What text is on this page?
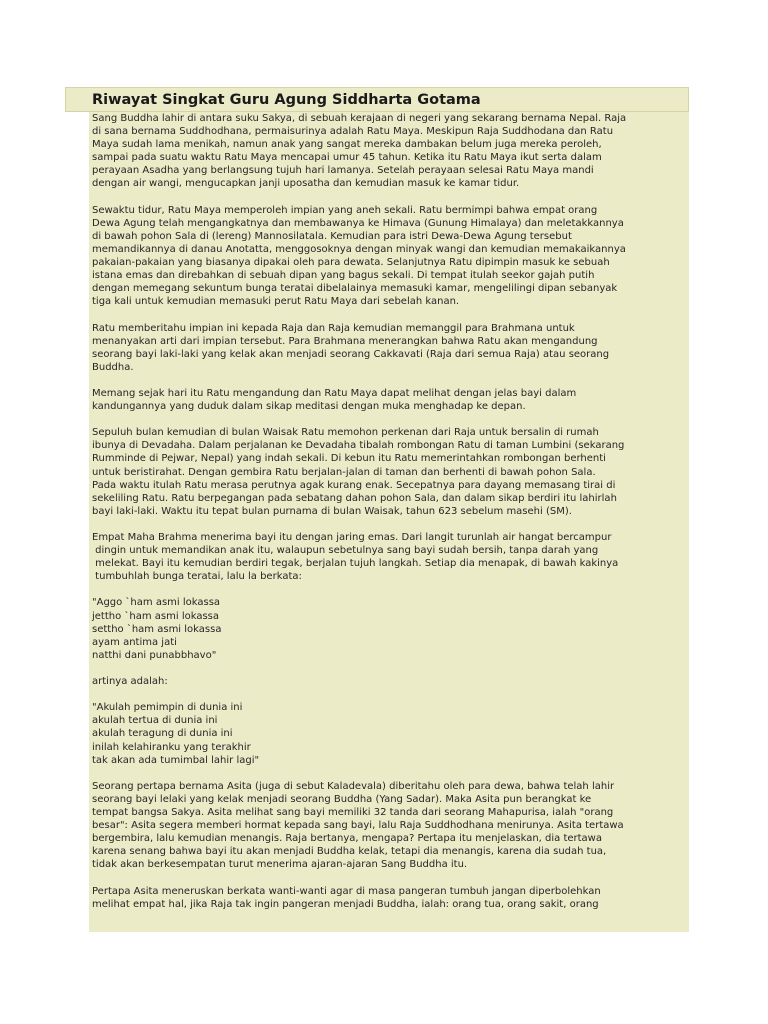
Riwayat Singkat Guru Agung Siddharta Gotama

Sang Buddha lahir di antara suku Sakya, di sebuah kerajaan di negeri yang sekarang bernama Nepal. Raja
di sana bernama Suddhodhana, permaisurinya adalah Ratu Maya. Meskipun Raja Suddhodana dan Ratu
Maya sudah lama menikah, namun anak yang sangat mereka dambakan belum juga mereka peroleh,
sampai pada suatu waktu Ratu Maya mencapai umur 45 tahun. Ketika itu Ratu Maya ikut serta dalam
perayaan Asadha yang berlangsung tujuh hari lamanya. Setelah perayaan selesai Ratu Maya mandi
dengan air wangi, mengucapkan janji uposatha dan kemudian masuk ke kamar tidur.

Sewaktu tidur, Ratu Maya memperoleh impian yang aneh sekali. Ratu bermimpi bahwa empat orang
Dewa Agung telah mengangkatnya dan membawanya ke Himava (Gunung Himalaya) dan meletakkannya
di bawah pohon Sala di (lereng) Mannosilatala. Kemudian para istri Dewa-Dewa Agung tersebut
memandikannya di danau Anotatta, menggosoknya dengan minyak wangi dan kemudian memakaikannya
pakaian-pakaian yang biasanya dipakai oleh para dewata. Selanjutnya Ratu dipimpin masuk ke sebuah
istana emas dan direbahkan di sebuah dipan yang bagus sekali. Di tempat itulah seekor gajah putih
dengan memegang sekuntum bunga teratai dibelalainya memasuki kamar, mengelilingi dipan sebanyak
tiga kali untuk kemudian memasuki perut Ratu Maya dari sebelah kanan.

Ratu memberitahu impian ini kepada Raja dan Raja kemudian memanggil para Brahmana untuk
menanyakan arti dari impian tersebut. Para Brahmana menerangkan bahwa Ratu akan mengandung
seorang bayi laki-laki yang kelak akan menjadi seorang Cakkavati (Raja dari semua Raja) atau seorang
Buddha.

Memang sejak hari itu Ratu mengandung dan Ratu Maya dapat melihat dengan jelas bayi dalam
kandungannya yang duduk dalam sikap meditasi dengan muka menghadap ke depan.

Sepuluh bulan kemudian di bulan Waisak Ratu memohon perkenan dari Raja untuk bersalin di rumah
ibunya di Devadaha. Dalam perjalanan ke Devadaha tibalah rombongan Ratu di taman Lumbini (sekarang
Rummindе di Pejwar, Nepal) yang indah sekali. Di kebun itu Ratu memerintahkan rombongan berhenti
untuk beristirahat. Dengan gembira Ratu berjalan-jalan di taman dan berhenti di bawah pohon Sala.
Pada waktu itulah Ratu merasa perutnya agak kurang enak. Secepatnya para dayang memasang tirai di
sekeliling Ratu. Ratu berpegangan pada sebatang dahan pohon Sala, dan dalam sikap berdiri itu lahirlah
bayi laki-laki. Waktu itu tepat bulan purnama di bulan Waisak, tahun 623 sebelum masehi (SM).

Empat Maha Brahma menerima bayi itu dengan jaring emas. Dari langit turunlah air hangat bercampur
dingin untuk memandikan anak itu, walaupun sebetulnya sang bayi sudah bersih, tanpa darah yang
melekat. Bayi itu kemudian berdiri tegak, berjalan tujuh langkah. Setiap dia menapak, di bawah kakinya
tumbuhlah bunga teratai, lalu la berkata:

"Aggo `ham asmi lokassa
jettho `ham asmi lokassa
settho `ham asmi lokassa
ayam antima jati
natthi dani punabbhavo"

artinya adalah:

"Akulah pemimpin di dunia ini
akulah tertua di dunia ini
akulah teragung di dunia ini
inilah kelahiranku yang terakhir
tak akan ada tumimbal lahir lagi"

Seorang pertapa bernama Asita (juga di sebut Kaladevala) diberitahu oleh para dewa, bahwa telah lahir
seorang bayi lelaki yang kelak menjadi seorang Buddha (Yang Sadar). Maka Asita pun berangkat ke
tempat bangsa Sakya. Asita melihat sang bayi memiliki 32 tanda dari seorang Mahapurisa, ialah "orang
besar": Asita segera memberi hormat kepada sang bayi, lalu Raja Suddhodhana menirunya. Asita tertawa
bergembira, lalu kemudian menangis. Raja bertanya, mengapa? Pertapa itu menjelaskan, dia tertawa
karena senang bahwa bayi itu akan menjadi Buddha kelak, tetapi dia menangis, karena dia sudah tua,
tidak akan berkesempatan turut menerima ajaran-ajaran Sang Buddha itu.

Pertapa Asita meneruskan berkata wanti-wanti agar di masa pangeran tumbuh jangan diperbolehkan
melihat empat hal, jika Raja tak ingin pangeran menjadi Buddha, ialah: orang tua, orang sakit, orang
